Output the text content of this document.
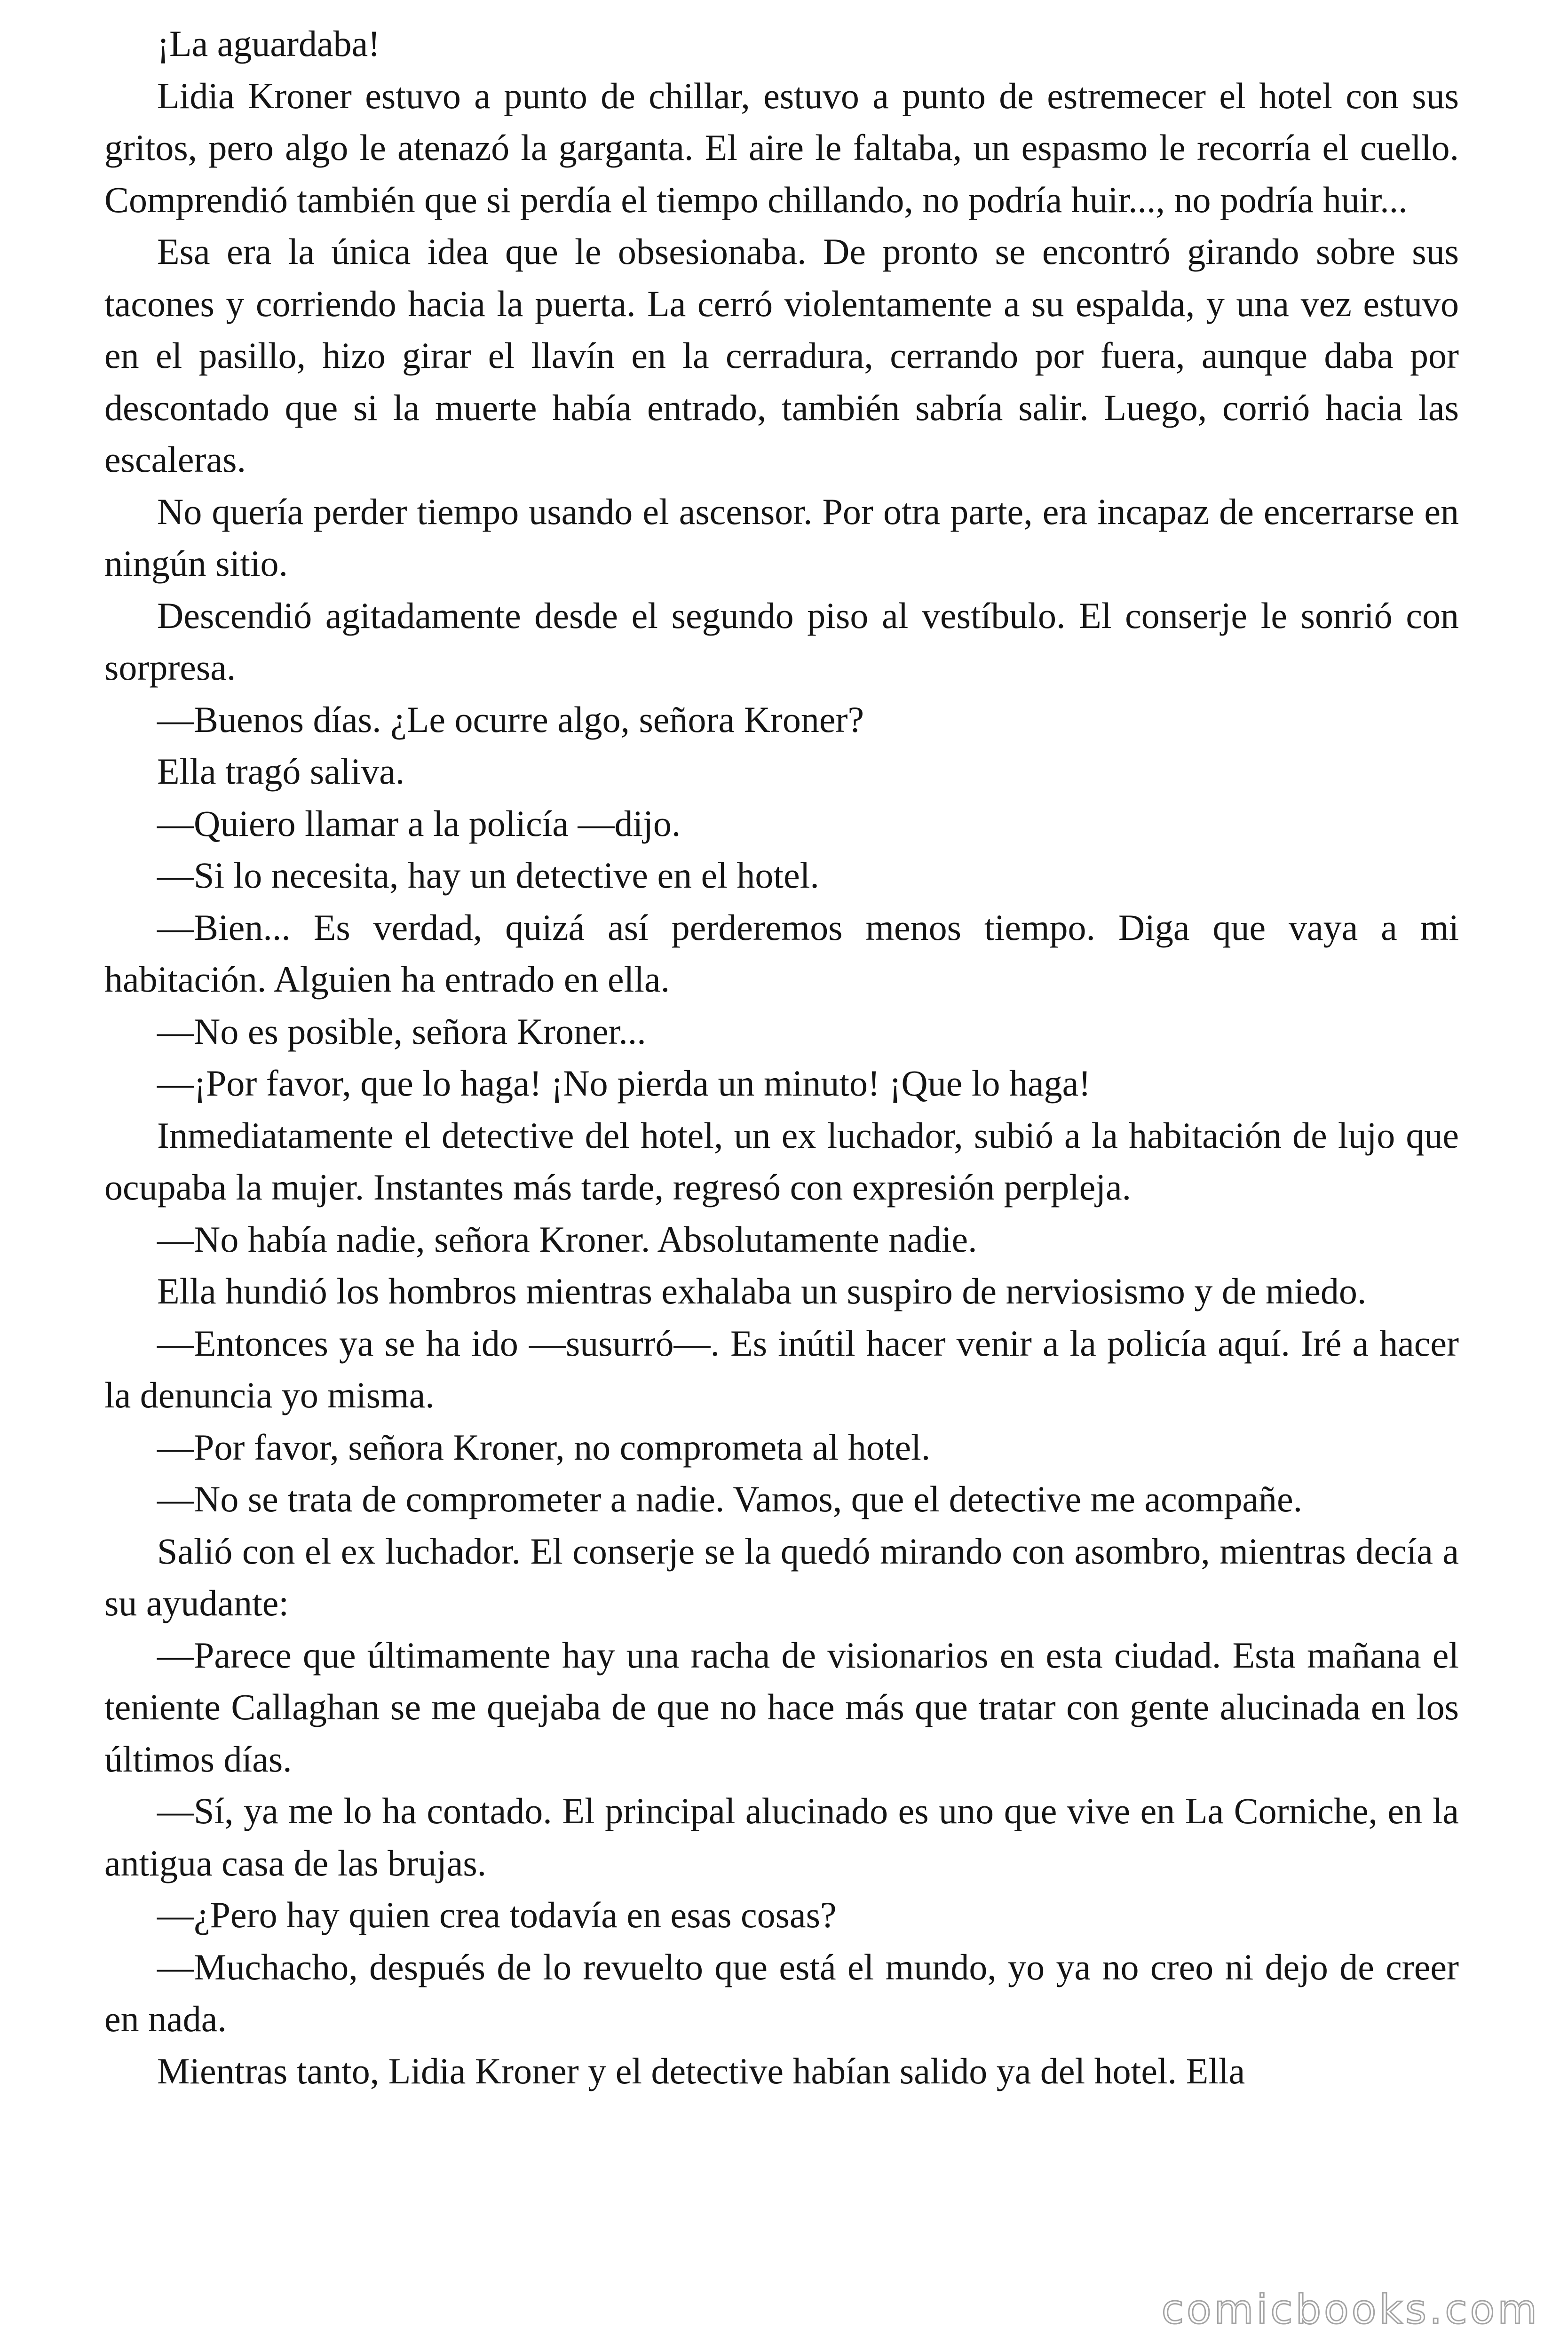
¡La aguardaba!

Lidia Kroner estuvo a punto de chillar, estuvo a punto de estremecer el hotel con sus gritos, pero algo le atenazó la garganta. El aire le faltaba, un espasmo le recorría el cuello. Comprendió también que si perdía el tiempo chillando, no podría huir..., no podría huir...

Esa era la única idea que le obsesionaba. De pronto se encontró girando sobre sus tacones y corriendo hacia la puerta. La cerró violentamente a su espalda, y una vez estuvo en el pasillo, hizo girar el llavín en la cerradura, cerrando por fuera, aunque daba por descontado que si la muerte había entrado, también sabría salir. Luego, corrió hacia las escaleras.

No quería perder tiempo usando el ascensor. Por otra parte, era incapaz de encerrarse en ningún sitio.

Descendió agitadamente desde el segundo piso al vestíbulo. El conserje le sonrió con sorpresa.

—Buenos días. ¿Le ocurre algo, señora Kroner?

Ella tragó saliva.

—Quiero llamar a la policía —dijo.

—Si lo necesita, hay un detective en el hotel.

—Bien... Es verdad, quizá así perderemos menos tiempo. Diga que vaya a mi habitación. Alguien ha entrado en ella.

—No es posible, señora Kroner...

—¡Por favor, que lo haga! ¡No pierda un minuto! ¡Que lo haga!

Inmediatamente el detective del hotel, un ex luchador, subió a la habitación de lujo que ocupaba la mujer. Instantes más tarde, regresó con expresión perpleja.

—No había nadie, señora Kroner. Absolutamente nadie.

Ella hundió los hombros mientras exhalaba un suspiro de nerviosismo y de miedo.

—Entonces ya se ha ido —susurró—. Es inútil hacer venir a la policía aquí. Iré a hacer la denuncia yo misma.

—Por favor, señora Kroner, no comprometa al hotel.

—No se trata de comprometer a nadie. Vamos, que el detective me acompañe.

Salió con el ex luchador. El conserje se la quedó mirando con asombro, mientras decía a su ayudante:

—Parece que últimamente hay una racha de visionarios en esta ciudad. Esta mañana el teniente Callaghan se me quejaba de que no hace más que tratar con gente alucinada en los últimos días.

—Sí, ya me lo ha contado. El principal alucinado es uno que vive en La Corniche, en la antigua casa de las brujas.

—¿Pero hay quien crea todavía en esas cosas?

—Muchacho, después de lo revuelto que está el mundo, yo ya no creo ni dejo de creer en nada.

Mientras tanto, Lidia Kroner y el detective habían salido ya del hotel. Ella

comicbooks.com
